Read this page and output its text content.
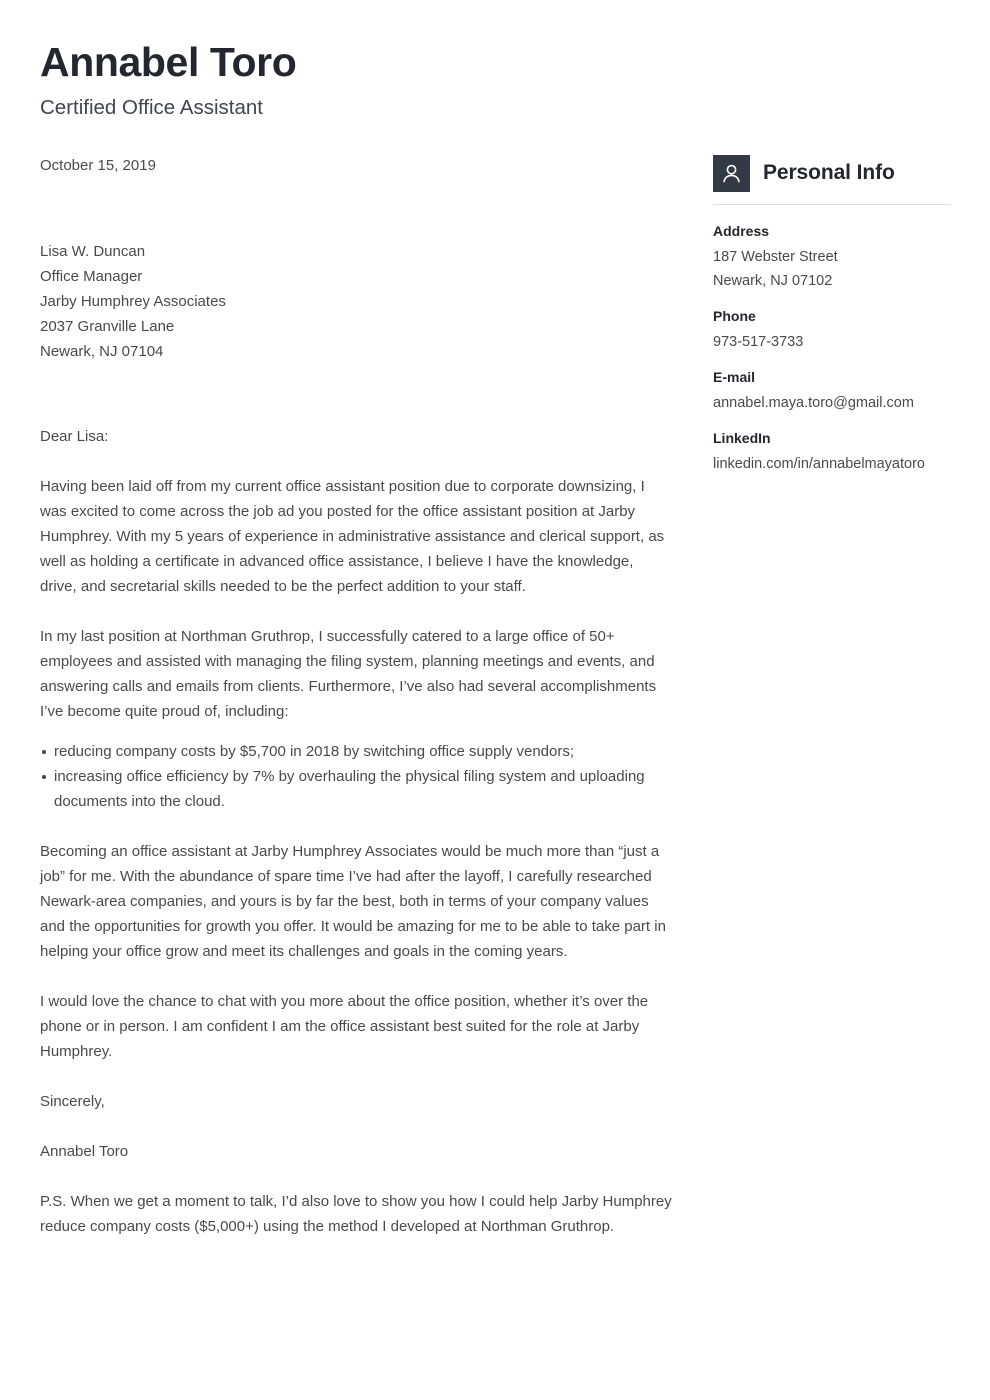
Annabel Toro
Certified Office Assistant

October 15, 2019

Lisa W. Duncan

Office Manager

Jarby Humphrey Associates

2037 Granville Lane

Newark, NJ 07104

Dear Lisa:

Having been laid off from my current office assistant position due to corporate downsizing, I was excited to come across the job ad you posted for the office assistant position at Jarby Humphrey. With my 5 years of experience in administrative assistance and clerical support, as well as holding a certificate in advanced office assistance, I believe I have the knowledge, drive, and secretarial skills needed to be the perfect addition to your staff.

In my last position at Northman Gruthrop, I successfully catered to a large office of 50+ employees and assisted with managing the filing system, planning meetings and events, and answering calls and emails from clients. Furthermore, I’ve also had several accomplishments I’ve become quite proud of, including:

reducing company costs by $5,700 in 2018 by switching office supply vendors;
increasing office efficiency by 7% by overhauling the physical filing system and uploading documents into the cloud.

Becoming an office assistant at Jarby Humphrey Associates would be much more than “just a job” for me. With the abundance of spare time I’ve had after the layoff, I carefully researched Newark-area companies, and yours is by far the best, both in terms of your company values and the opportunities for growth you offer. It would be amazing for me to be able to take part in helping your office grow and meet its challenges and goals in the coming years.

I would love the chance to chat with you more about the office position, whether it’s over the phone or in person. I am confident I am the office assistant best suited for the role at Jarby Humphrey.

Sincerely,

Annabel Toro

P.S. When we get a moment to talk, I’d also love to show you how I could help Jarby Humphrey reduce company costs ($5,000+) using the method I developed at Northman Gruthrop.

Personal Info

Address

187 Webster Street

Newark, NJ 07102

Phone

973-517-3733

E-mail

annabel.maya.toro@gmail.com

LinkedIn

linkedin.com/in/annabelmayatoro
